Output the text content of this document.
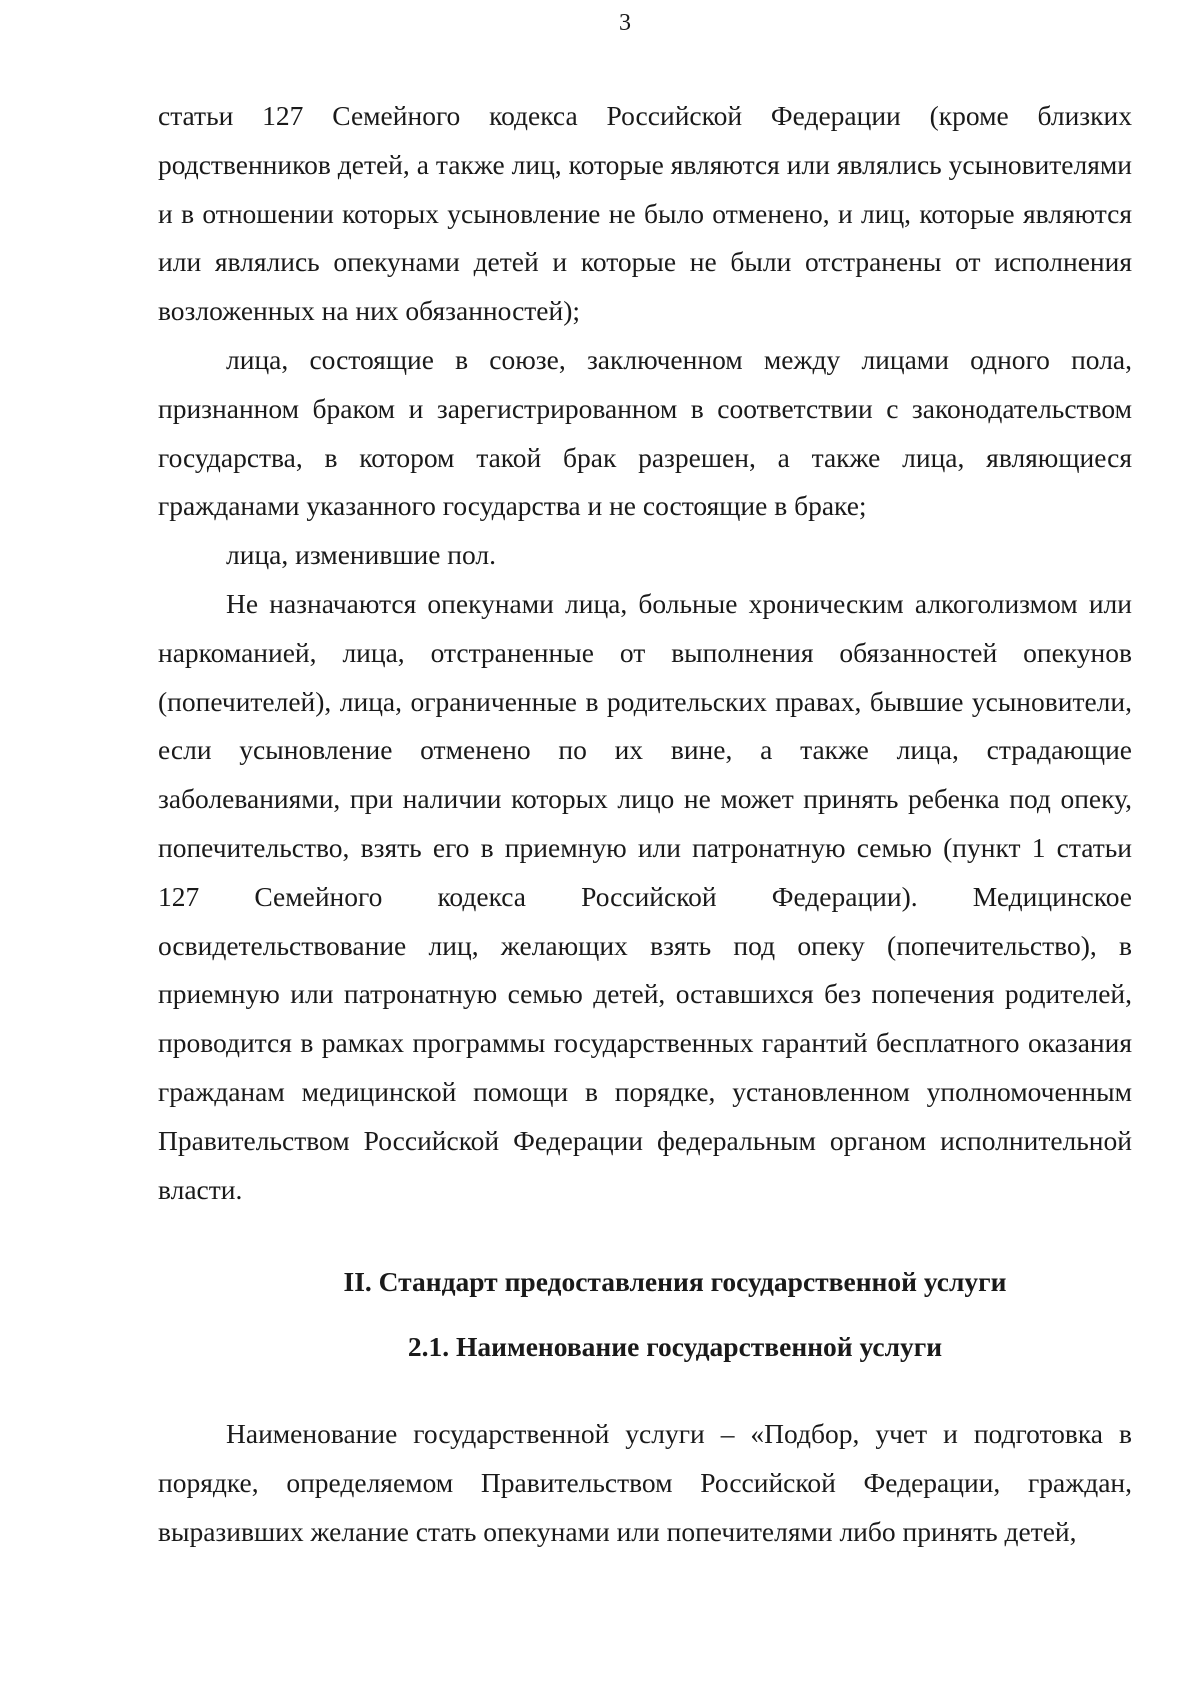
3

статьи 127 Семейного кодекса Российской Федерации (кроме близких родственников детей, а также лиц, которые являются или являлись усыновителями и в отношении которых усыновление не было отменено, и лиц, которые являются или являлись опекунами детей и которые не были отстранены от исполнения возложенных на них обязанностей);

лица, состоящие в союзе, заключенном между лицами одного пола, признанном браком и зарегистрированном в соответствии с законодательством государства, в котором такой брак разрешен, а также лица, являющиеся гражданами указанного государства и не состоящие в браке;

лица, изменившие пол.

Не назначаются опекунами лица, больные хроническим алкоголизмом или наркоманией, лица, отстраненные от выполнения обязанностей опекунов (попечителей), лица, ограниченные в родительских правах, бывшие усыновители, если усыновление отменено по их вине, а также лица, страдающие заболеваниями, при наличии которых лицо не может принять ребенка под опеку, попечительство, взять его в приемную или патронатную семью (пункт 1 статьи 127 Семейного кодекса Российской Федерации). Медицинское освидетельствование лиц, желающих взять под опеку (попечительство), в приемную или патронатную семью детей, оставшихся без попечения родителей, проводится в рамках программы государственных гарантий бесплатного оказания гражданам медицинской помощи в порядке, установленном уполномоченным Правительством Российской Федерации федеральным органом исполнительной власти.

II. Стандарт предоставления государственной услуги

2.1. Наименование государственной услуги

Наименование государственной услуги – «Подбор, учет и подготовка в порядке, определяемом Правительством Российской Федерации, граждан, выразивших желание стать опекунами или попечителями либо принять детей,
